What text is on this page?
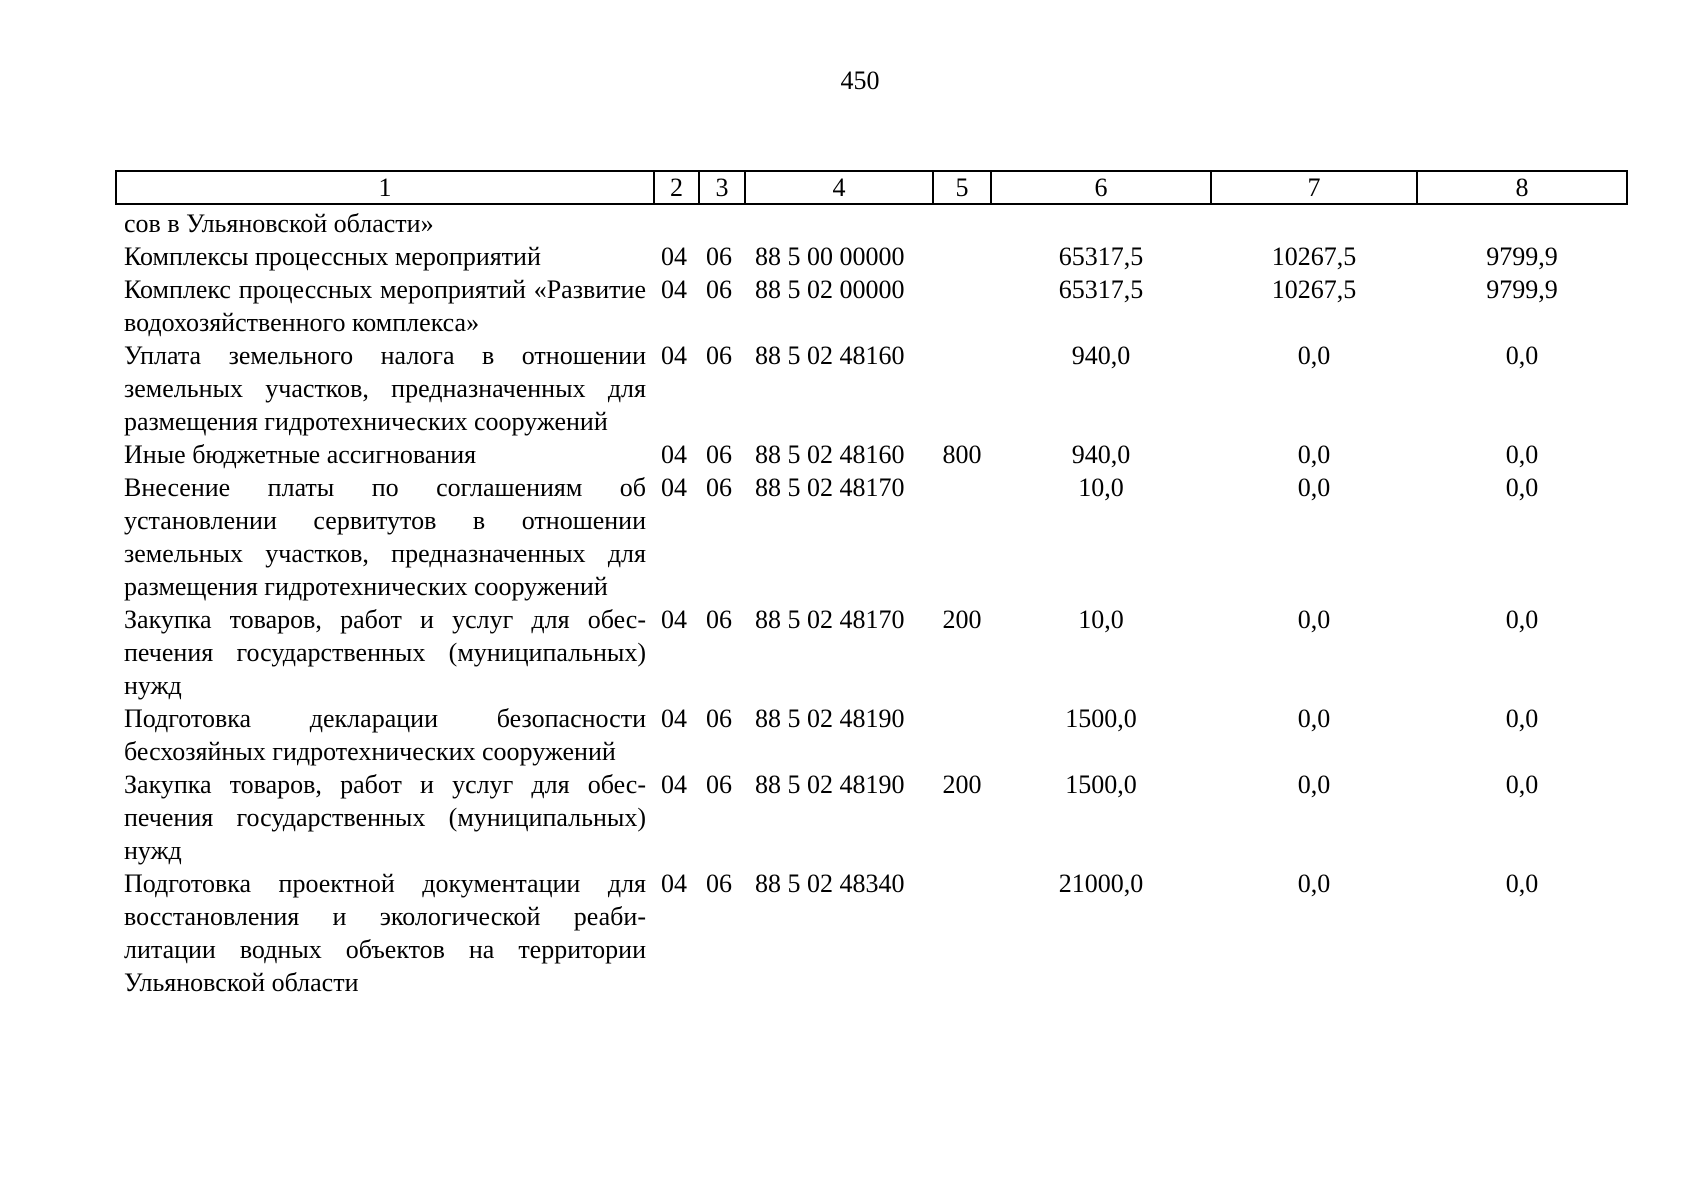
450
1	2	3	4	5	6	7	8
сов в Ульяновской области»							
Комплексы процессных мероприятий	04	06	88 5 00 00000		65317,5	10267,5	9799,9
Комплекс процессных мероприятий «Развитие водохозяйственного комплекса»	04	06	88 5 02 00000		65317,5	10267,5	9799,9
Уплата земельного налога в отношении земельных участков, предназначенных для размещения гидротехнических сооружений	04	06	88 5 02 48160		940,0	0,0	0,0
Иные бюджетные ассигнования	04	06	88 5 02 48160	800	940,0	0,0	0,0
Внесение платы по соглашениям об установлении сервитутов в отношении земельных участков, предназначенных для размещения гидротехнических сооружений	04	06	88 5 02 48170		10,0	0,0	0,0
Закупка товаров, работ и услуг для обеспечения государственных (муниципальных) нужд	04	06	88 5 02 48170	200	10,0	0,0	0,0
Подготовка декларации безопасности бесхозяйных гидротехнических сооружений	04	06	88 5 02 48190		1500,0	0,0	0,0
Закупка товаров, работ и услуг для обеспечения государственных (муниципальных) нужд	04	06	88 5 02 48190	200	1500,0	0,0	0,0
Подготовка проектной документации для восстановления и экологической реабилитации водных объектов на территории Ульяновской области	04	06	88 5 02 48340		21000,0	0,0	0,0
